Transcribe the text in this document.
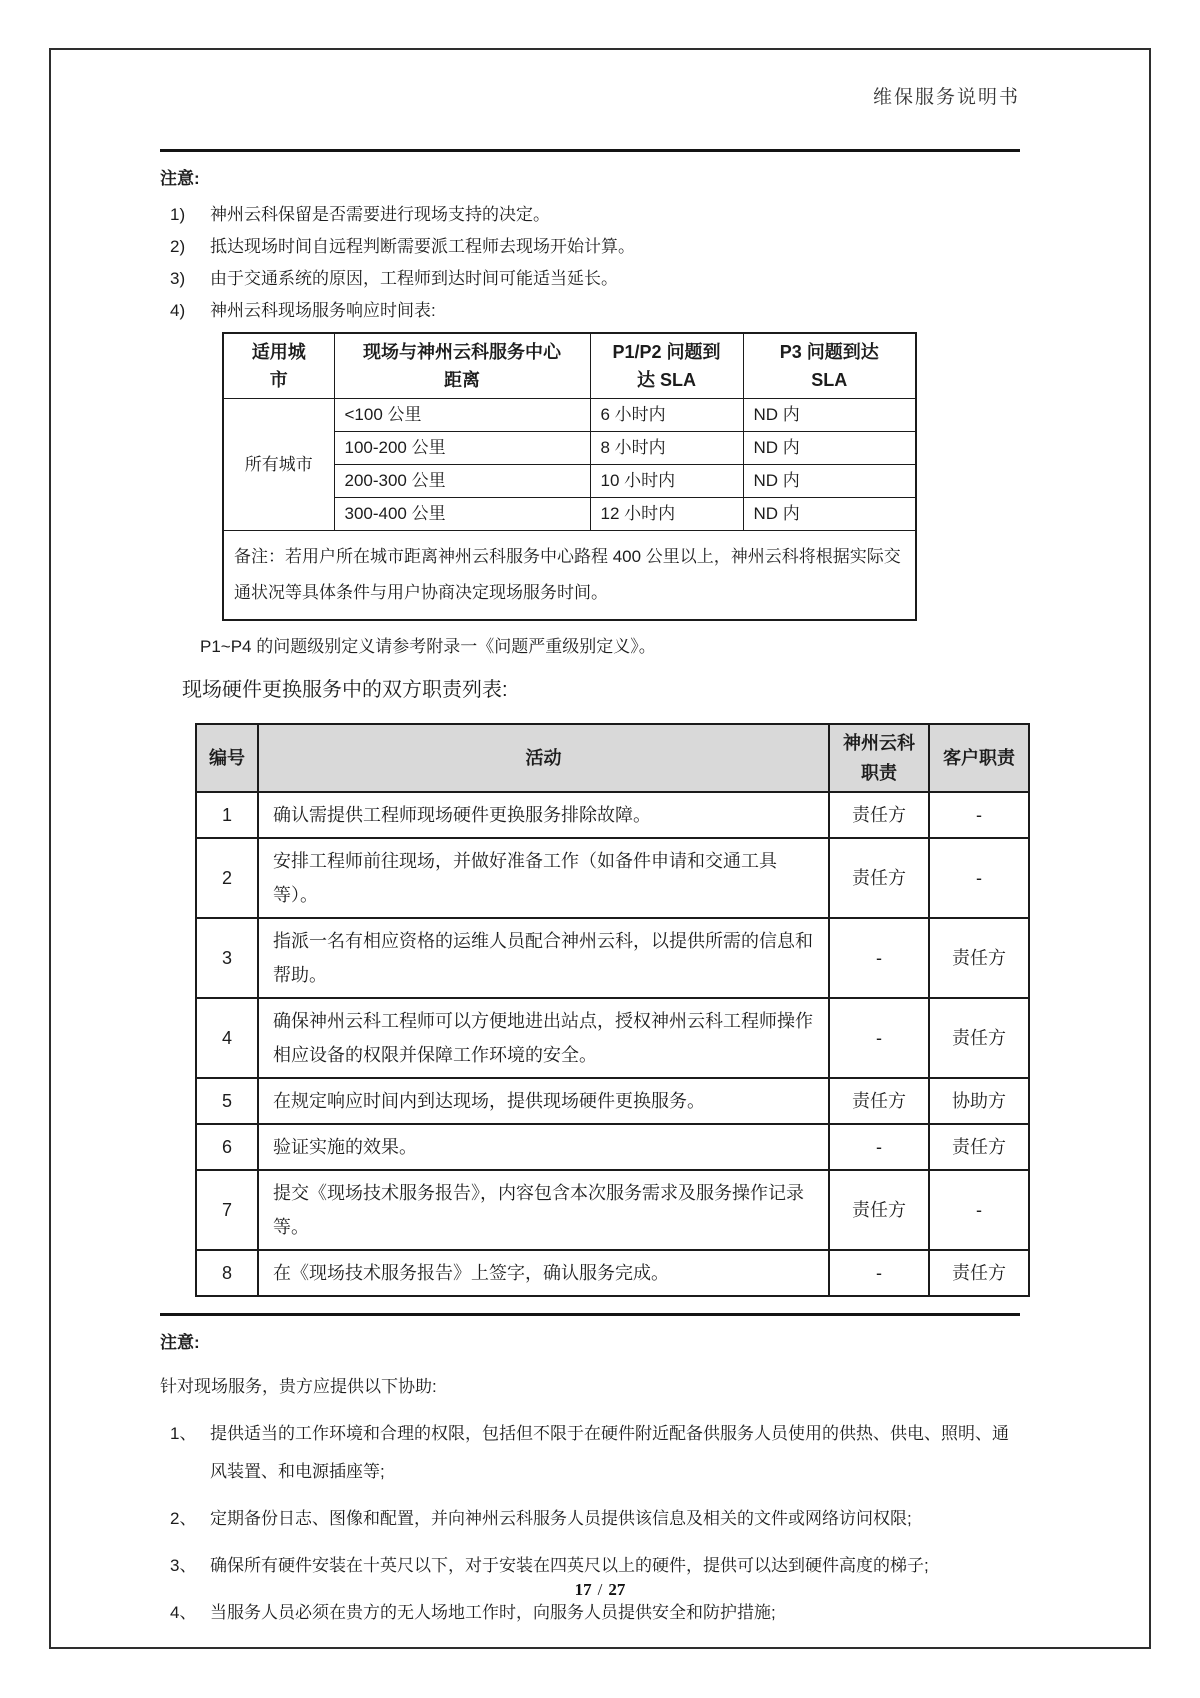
维保服务说明书
注意:
1)	神州云科保留是否需要进行现场支持的决定。
2)	抵达现场时间自远程判断需要派工程师去现场开始计算。
3)	由于交通系统的原因，工程师到达时间可能适当延长。
4)	神州云科现场服务响应时间表:
适用城市	现场与神州云科服务中心距离	P1/P2 问题到达 SLA	P3 问题到达 SLA
所有城市	<100 公里	6 小时内	ND 内
	100-200 公里	8 小时内	ND 内
	200-300 公里	10 小时内	ND 内
	300-400 公里	12 小时内	ND 内
备注：若用户所在城市距离神州云科服务中心路程 400 公里以上，神州云科将根据实际交通状况等具体条件与用户协商决定现场服务时间。			
P1~P4 的问题级别定义请参考附录一《问题严重级别定义》。
现场硬件更换服务中的双方职责列表:
编号	活动	神州云科职责	客户职责
1	确认需提供工程师现场硬件更换服务排除故障。	责任方	-
2	安排工程师前往现场，并做好准备工作（如备件申请和交通工具等）。	责任方	-
3	指派一名有相应资格的运维人员配合神州云科，以提供所需的信息和帮助。	-	责任方
4	确保神州云科工程师可以方便地进出站点，授权神州云科工程师操作相应设备的权限并保障工作环境的安全。	-	责任方
5	在规定响应时间内到达现场，提供现场硬件更换服务。	责任方	协助方
6	验证实施的效果。	-	责任方
7	提交《现场技术服务报告》，内容包含本次服务需求及服务操作记录等。	责任方	-
8	在《现场技术服务报告》上签字，确认服务完成。	-	责任方
注意:
针对现场服务，贵方应提供以下协助:
1、 提供适当的工作环境和合理的权限，包括但不限于在硬件附近配备供服务人员使用的供热、供电、照明、通风装置、和电源插座等;
2、 定期备份日志、图像和配置，并向神州云科服务人员提供该信息及相关的文件或网络访问权限;
3、 确保所有硬件安装在十英尺以下，对于安装在四英尺以上的硬件，提供可以达到硬件高度的梯子;
4、 当服务人员必须在贵方的无人场地工作时，向服务人员提供安全和防护措施;
17 / 27
